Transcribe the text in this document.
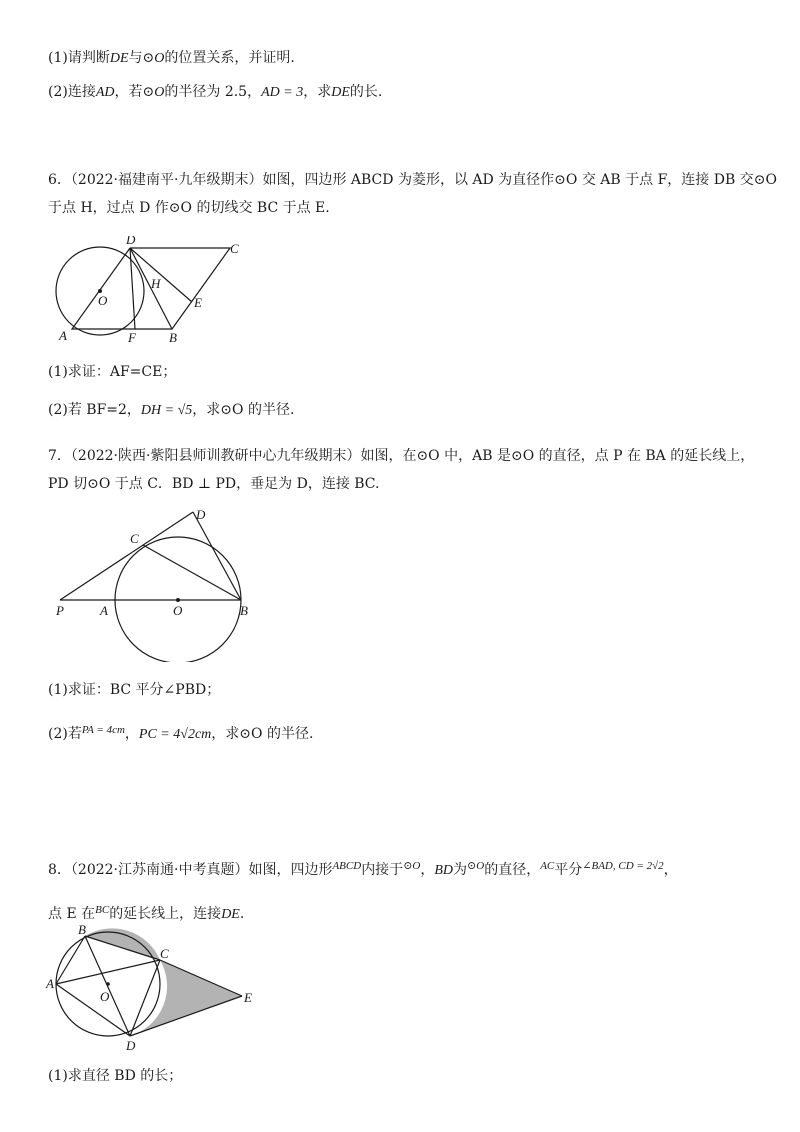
(1)请判断DE与⊙O的位置关系，并证明.
(2)连接AD，若⊙O的半径为 2.5，AD = 3，求DE的长.
6．（2022·福建南平·九年级期末）如图，四边形 ABCD 为菱形，以 AD 为直径作⊙O 交 AB 于点 F，连接 DB 交⊙O
于点 H，过点 D 作⊙O 的切线交 BC 于点 E.
D
C
H
O	E
A	F	B
(1)求证：AF=CE；
(2)若 BF=2，DH = √5，求⊙O 的半径.
7．（2022·陕西·紫阳县师训教研中心九年级期末）如图，在⊙O 中，AB 是⊙O 的直径，点 P 在 BA 的延长线上，
PD 切⊙O 于点 C．BD ⊥ PD，垂足为 D，连接 BC.
D
C
P	A	O	B
(1)求证：BC 平分∠PBD；
(2)若$^{PA = 4cm}$，PC = 4√2cm，求⊙O 的半径.
8．（2022·江苏南通·中考真题）如图，四边形$^{ABCD}$内接于$^{⊙O}$，BD为$^{⊙O}$的直径，$^{AC}$平分$^{\angle BAD, CD = 2√2}$，
点 E 在$^{BC}$的延长线上，连接DE.
B
C
A
O	E
D
(1)求直径 BD 的长；
